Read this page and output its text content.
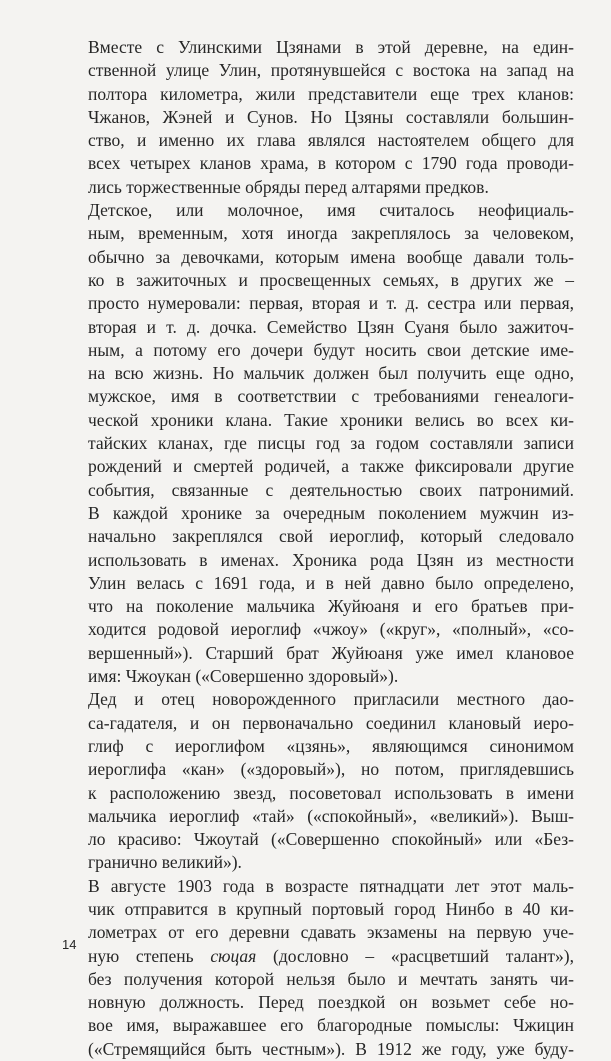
Вместе с Улинскими Цзянами в этой деревне, на един-
ственной улице Улин, протянувшейся с востока на запад на
полтора километра, жили представители еще трех кланов:
Чжанов, Жэней и Сунов. Но Цзяны составляли большин-
ство, и именно их глава являлся настоятелем общего для
всех четырех кланов храма, в котором с 1790 года проводи-
лись торжественные обряды перед алтарями предков.

Детское, или молочное, имя считалось неофициаль-
ным, временным, хотя иногда закреплялось за человеком,
обычно за девочками, которым имена вообще давали толь-
ко в зажиточных и просвещенных семьях, в других же –
просто нумеровали: первая, вторая и т. д. сестра или первая,
вторая и т. д. дочка. Семейство Цзян Суаня было зажиточ-
ным, а потому его дочери будут носить свои детские име-
на всю жизнь. Но мальчик должен был получить еще одно,
мужское, имя в соответствии с требованиями генеалоги-
ческой хроники клана. Такие хроники велись во всех ки-
тайских кланах, где писцы год за годом составляли записи
рождений и смертей родичей, а также фиксировали другие
события, связанные с деятельностью своих патронимий.
В каждой хронике за очередным поколением мужчин из-
начально закреплялся свой иероглиф, который следовало
использовать в именах. Хроника рода Цзян из местности
Улин велась с 1691 года, и в ней давно было определено,
что на поколение мальчика Жуйюаня и его братьев при-
ходится родовой иероглиф «чжоу» («круг», «полный», «со-
вершенный»). Старший брат Жуйюаня уже имел клановое
имя: Чжоукан («Совершенно здоровый»).

Дед и отец новорожденного пригласили местного дао-
са-гадателя, и он первоначально соединил клановый иеро-
глиф с иероглифом «цзянь», являющимся синонимом
иероглифа «кан» («здоровый»), но потом, приглядевшись
к расположению звезд, посоветовал использовать в имени
мальчика иероглиф «тай» («спокойный», «великий»). Выш-
ло красиво: Чжоутай («Совершенно спокойный» или «Без-
гранично великий»).

В августе 1903 года в возрасте пятнадцати лет этот маль-
чик отправится в крупный портовый город Нинбо в 40 ки-
лометрах от его деревни сдавать экзамены на первую уче-
ную степень сюцая (дословно – «расцветший талант»),
без получения которой нельзя было и мечтать занять чи-
новную должность. Перед поездкой он возьмет себе но-
вое имя, выражавшее его благородные помыслы: Чжицин
(«Стремящийся быть честным»). В 1912 же году, уже буду-

14
